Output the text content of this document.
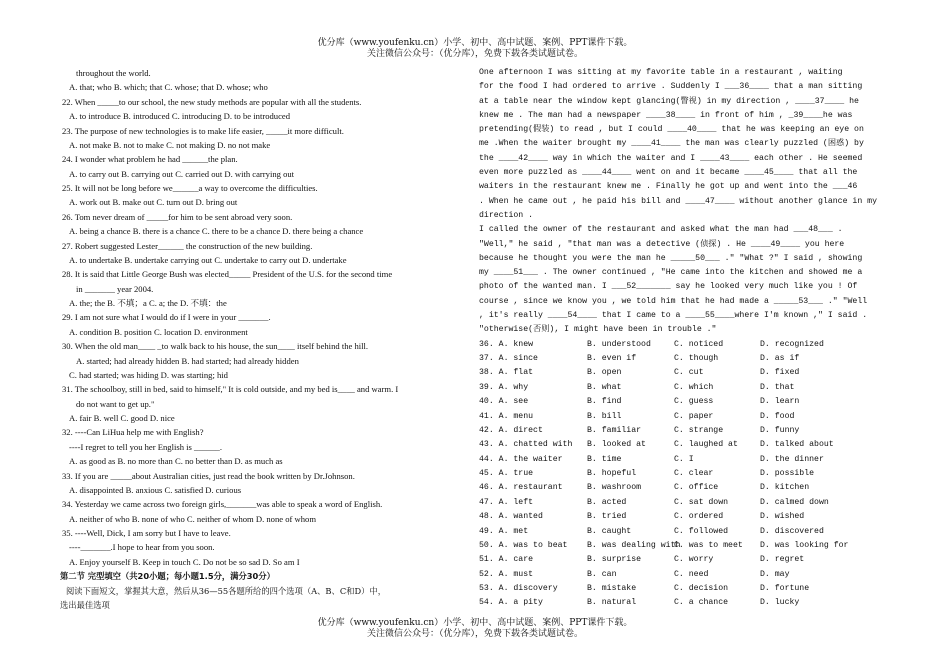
优分库（www.youfenku.cn）小学、初中、高中试题、案例、PPT课件下载。
关注微信公众号：（优分库），免费下载各类试题试卷。
throughout the world.
A. that; who B. which; that C. whose; that D. whose; who
22. When _____to our school, the new study methods are popular with all the students.
A. to introduce B. introduced C. introducing D. to be introduced
23. The purpose of new technologies is to make life easier, _____it more difficult.
A. not make B. not to make C. not making D. no not make
24. I wonder what problem he had ______the plan.
A. to carry out B. carrying out C. carried out D. with carrying out
25. It will not be long before we______a way to overcome the difficulties.
A. work out B. make out C. turn out D. bring out
26. Tom never dream of _____for him to be sent abroad very soon.
A. being a chance B. there is a chance C. there to be a chance D. there being a chance
27. Robert suggested Lester______ the construction of the new building.
A. to undertake B. undertake carrying out C. undertake to carry out D. undertake
28. It is said that Little George Bush was elected_____ President of the U.S. for the second time
in _______ year 2004.
A. the; the B. 不填；a C. a; the D. 不填：the
29. I am not sure what I would do if I were in your _______.
A. condition B. position C. location D. environment
30. When the old man____ _to walk back to his house, the sun____ itself behind the hill.
A. started; had already hidden B. had started; had already hidden
C. had started; was hiding D. was starting; hid
31. The schoolboy, still in bed, said to himself," It is cold outside, and my bed is____ and warm. I
do not want to get up."
A. fair B. well C. good D. nice
32. ----Can LiHua help me with English?
----I regret to tell you her English is ______.
A. as good as B. no more than C. no better than D. as much as
33. If you are _____about Australian cities, just read the book written by Dr.Johnson.
A. disappointed B. anxious C. satisfied D. curious
34. Yesterday we came across two foreign girls,_______was able to speak a word of English.
A. neither of who B. none of who C. neither of whom D. none of whom
35. ----Well, Dick, I am sorry but I have to leave.
----_______.I hope to hear from you soon.
A. Enjoy yourself B. Keep in touch C. Do not be so sad D. So am I
第二节 完型填空（共20小题；每小题1.5分，满分30分）
阅读下面短文，掌握其大意，然后从36—55各题所给的四个选项（A、B、C和D）中，
选出最佳选项
One afternoon I was sitting at my favorite table in a restaurant , waiting
for the food I had ordered to arrive . Suddenly I ___36____ that a man sitting
at a table near the window kept glancing(瞥视) in my direction , ____37____ he
knew me . The man had a newspaper ____38____ in front of him , _39____he was
pretending(假装) to read , but I could ____40____ that he was keeping an eye on
me .When the waiter brought my ____41____ the man was clearly puzzled (困惑) by
the ____42____ way in which the waiter and I ____43____ each other . He seemed
even more puzzled as ____44____ went on and it became ____45____ that all the
waiters in the restaurant knew me . Finally he got up and went into the ___46
. When he came out , he paid his bill and ____47____ without another glance in my
direction .
I called the owner of the restaurant and asked what the man had ___48___ .
"Well," he said , "that man was a detective (侦探) . He ____49____ you here
because he thought you were the man he _____50___ ." "What ?" I said , showing
my ____51___ . The owner continued , "He came into the kitchen and showed me a
photo of the wanted man. I ___52_______ say he looked very much like you ! Of
course , since we know you , we told him that he had made a _____53___ ." "Well
, it's really ____54____ that I came to a ____55____where I'm known ," I said .
"otherwise(否则), I might have been in trouble ."
36. A. knew	B. understood	C. noticed	D. recognized
37. A. since	B. even if	C. though	D. as if
38. A. flat	B. open	C. cut	D. fixed
39. A. why	B. what	C. which	D. that
40. A. see	B. find	C. guess	D. learn
41. A. menu	B. bill	C. paper	D. food
42. A. direct	B. familiar	C. strange	D. funny
43. A. chatted with B. looked at	C. laughed at	D. talked about
44. A. the waiter	B. time	C. I	D. the dinner
45. A. true	B. hopeful	C. clear	D. possible
46. A. restaurant	B. washroom	C. office	D. kitchen
47. A. left	B. acted	C. sat down	D. calmed down
48. A. wanted	B. tried	C. ordered	D. wished
49. A. met	B. caught	C. followed	D. discovered
50. A. was to beat B. was dealing with
C. was to meet D. was looking for
51. A. care	B. surprise	C. worry	D. regret
52. A. must	B. can	C. need	D. may
53. A. discovery	B. mistake	C. decision	D. fortune
54. A. a pity	B. natural	C. a chance	D. lucky
优分库（www.youfenku.cn）小学、初中、高中试题、案例、PPT课件下载。
关注微信公众号：（优分库），免费下载各类试题试卷。
